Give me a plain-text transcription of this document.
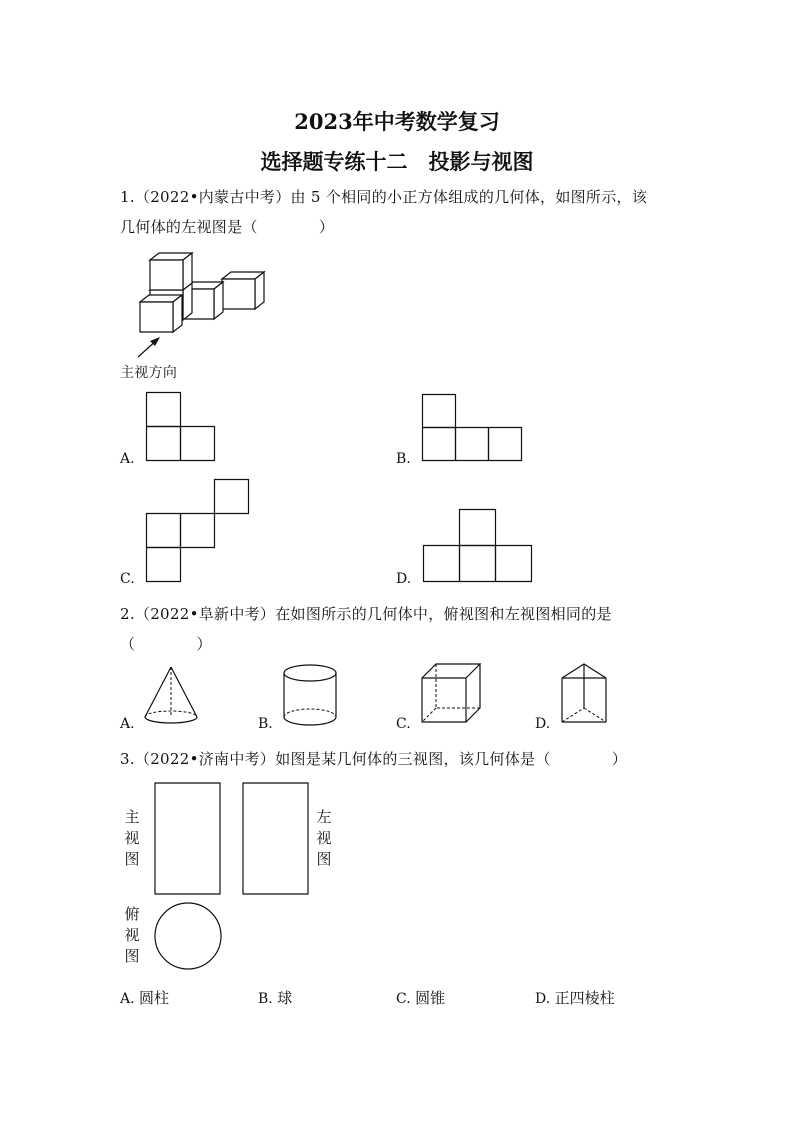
2023年中考数学复习
选择题专练十二　投影与视图
1.（2022•内蒙古中考）由 5 个相同的小正方体组成的几何体，如图所示，该
几何体的左视图是（　　　　）
主视方向
A.	B.
C.	D.
2.（2022•阜新中考）在如图所示的几何体中，俯视图和左视图相同的是
（　　　　）
A.	B.	C.	D.
3.（2022•济南中考）如图是某几何体的三视图，该几何体是（　　　　）
主视图
左视图
俯视图
A. 圆柱	B. 球	C. 圆锥	D. 正四棱柱
